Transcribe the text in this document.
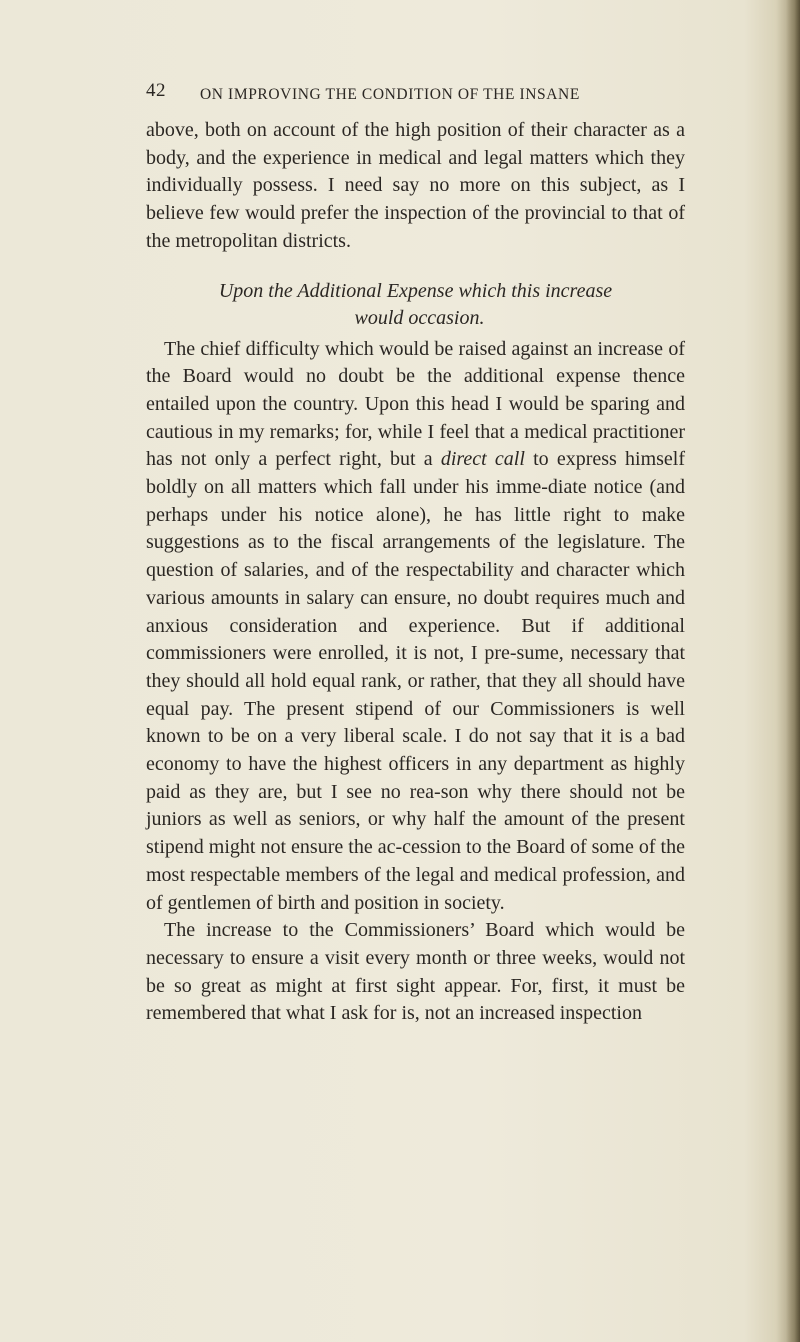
42 ON IMPROVING THE CONDITION OF THE INSANE

above, both on account of the high position of their character as a body, and the experience in medical and legal matters which they individually possess. I need say no more on this subject, as I believe few would prefer the inspection of the provincial to that of the metropolitan districts.

Upon the Additional Expense which this increase
would occasion.

The chief difficulty which would be raised against an increase of the Board would no doubt be the additional expense thence entailed upon the country. Upon this head I would be sparing and cautious in my remarks; for, while I feel that a medical practitioner has not only a perfect right, but a direct call to express himself boldly on all matters which fall under his imme-diate notice (and perhaps under his notice alone), he has little right to make suggestions as to the fiscal arrangements of the legislature. The question of salaries, and of the respectability and character which various amounts in salary can ensure, no doubt requires much and anxious consideration and experience. But if additional commissioners were enrolled, it is not, I pre-sume, necessary that they should all hold equal rank, or rather, that they all should have equal pay. The present stipend of our Commissioners is well known to be on a very liberal scale. I do not say that it is a bad economy to have the highest officers in any department as highly paid as they are, but I see no rea-son why there should not be juniors as well as seniors, or why half the amount of the present stipend might not ensure the ac-cession to the Board of some of the most respectable members of the legal and medical profession, and of gentlemen of birth and position in society.

The increase to the Commissioners’ Board which would be necessary to ensure a visit every month or three weeks, would not be so great as might at first sight appear. For, first, it must be remembered that what I ask for is, not an increased inspection
